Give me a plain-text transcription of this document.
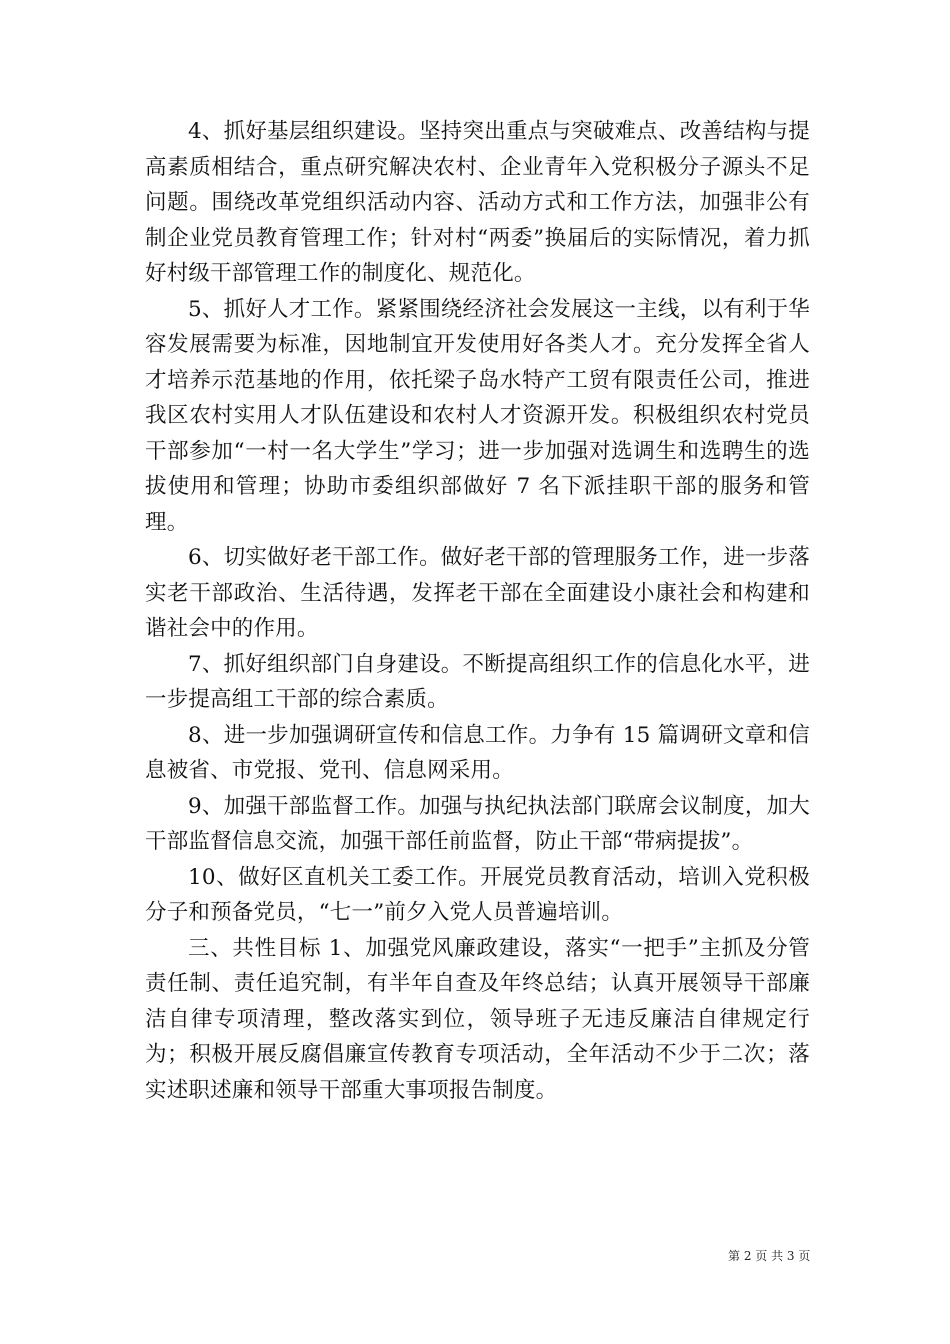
4、抓好基层组织建设。坚持突出重点与突破难点、改善结构与提高素质相结合，重点研究解决农村、企业青年入党积极分子源头不足问题。围绕改革党组织活动内容、活动方式和工作方法，加强非公有制企业党员教育管理工作；针对村“两委”换届后的实际情况，着力抓好村级干部管理工作的制度化、规范化。

5、抓好人才工作。紧紧围绕经济社会发展这一主线，以有利于华容发展需要为标准，因地制宜开发使用好各类人才。充分发挥全省人才培养示范基地的作用，依托梁子岛水特产工贸有限责任公司，推进我区农村实用人才队伍建设和农村人才资源开发。积极组织农村党员干部参加“一村一名大学生”学习；进一步加强对选调生和选聘生的选拔使用和管理；协助市委组织部做好 7 名下派挂职干部的服务和管理。

6、切实做好老干部工作。做好老干部的管理服务工作，进一步落实老干部政治、生活待遇，发挥老干部在全面建设小康社会和构建和谐社会中的作用。

7、抓好组织部门自身建设。不断提高组织工作的信息化水平，进一步提高组工干部的综合素质。

8、进一步加强调研宣传和信息工作。力争有 15 篇调研文章和信息被省、市党报、党刊、信息网采用。

9、加强干部监督工作。加强与执纪执法部门联席会议制度，加大干部监督信息交流，加强干部任前监督，防止干部“带病提拔”。

10、做好区直机关工委工作。开展党员教育活动，培训入党积极分子和预备党员，“七一”前夕入党人员普遍培训。

三、共性目标 1、加强党风廉政建设，落实“一把手”主抓及分管责任制、责任追究制，有半年自查及年终总结；认真开展领导干部廉洁自律专项清理，整改落实到位，领导班子无违反廉洁自律规定行为；积极开展反腐倡廉宣传教育专项活动，全年活动不少于二次；落实述职述廉和领导干部重大事项报告制度。

第 2 页 共 3 页
